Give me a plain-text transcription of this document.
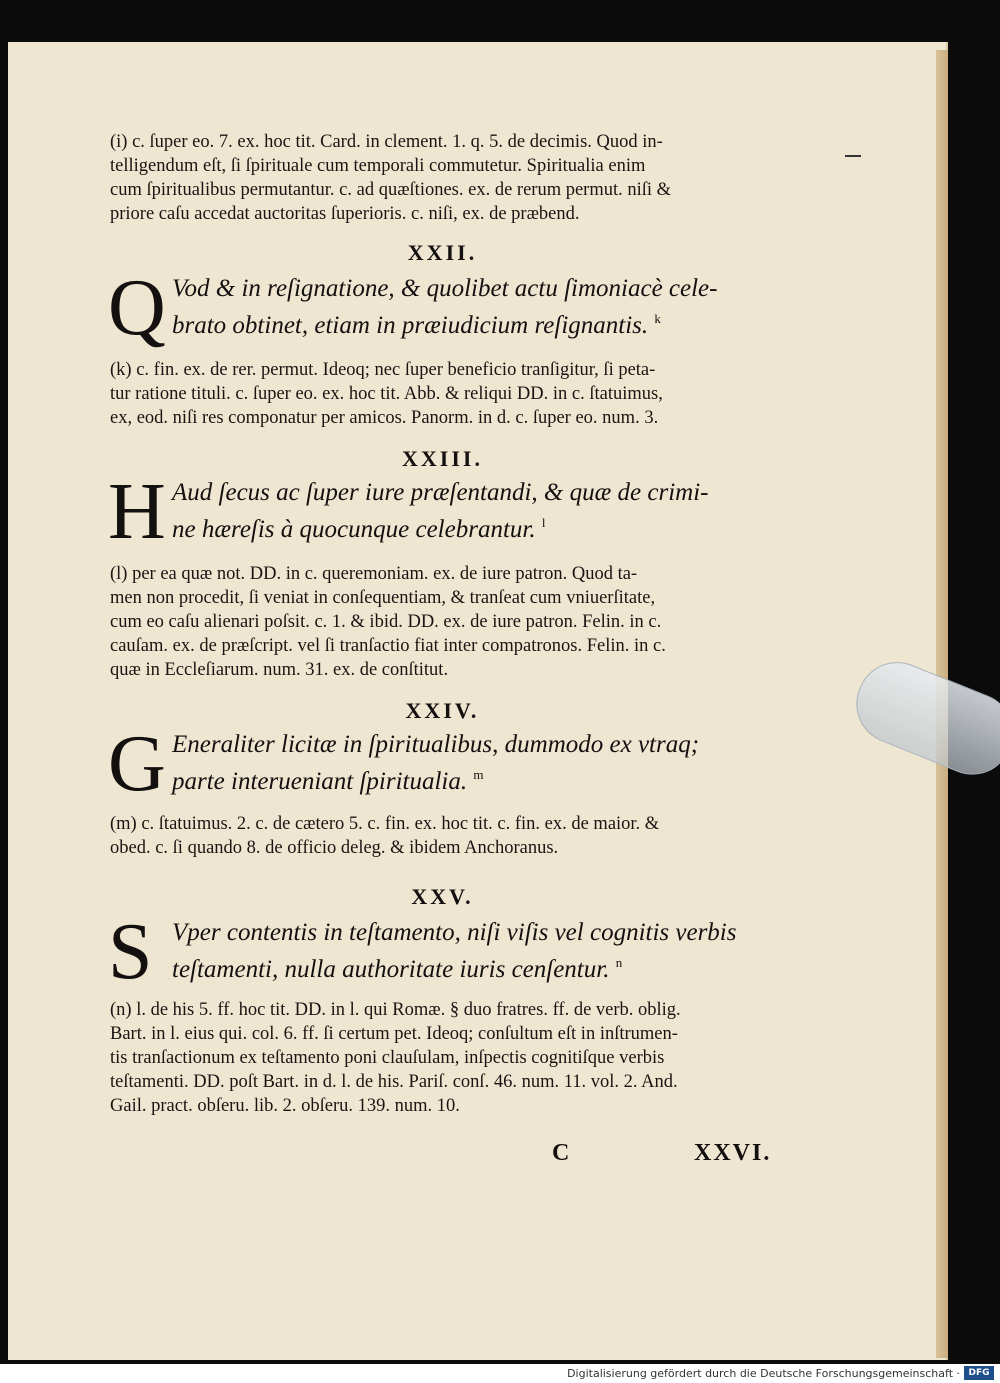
(i) c. ſuper eo. 7. ex. hoc tit. Card. in clement. 1. q. 5. de decimis. Quod in-
telligendum eſt, ſi ſpirituale cum temporali commutetur. Spiritualia enim
cum ſpiritualibus permutantur. c. ad quæſtiones. ex. de rerum permut. niſi &
priore caſu accedat auctoritas ſuperioris. c. niſi, ex. de præbend.
XXII.
Q Vod & in reſignatione, & quolibet actu ſimoniacè cele-
brato obtinet, etiam in præiudicium reſignantis. $^k$
(k) c. fin. ex. de rer. permut. Ideoq; nec ſuper beneficio tranſigitur, ſi peta-
tur ratione tituli. c. ſuper eo. ex. hoc tit. Abb. & reliqui DD. in c. ſtatuimus,
ex, eod. niſi res componatur per amicos. Panorm. in d. c. ſuper eo. num. 3.
XXIII.
H Aud ſecus ac ſuper iure præſentandi, & quæ de crimi-
ne hæreſis à quocunque celebrantur. $^l$
(l) per ea quæ not. DD. in c. queremoniam. ex. de iure patron. Quod ta-
men non procedit, ſi veniat in conſequentiam, & tranſeat cum vniuerſitate,
cum eo caſu alienari poſsit. c. 1. & ibid. DD. ex. de iure patron. Felin. in c.
cauſam. ex. de præſcript. vel ſi tranſactio fiat inter compatronos. Felin. in c.
quæ in Eccleſiarum. num. 31. ex. de conſtitut.
XXIV.
G Eneraliter licitæ in ſpiritualibus, dummodo ex vtraq;
parte interueniant ſpiritualia. $^m$
(m) c. ſtatuimus. 2. c. de cætero 5. c. fin. ex. hoc tit. c. fin. ex. de maior. &
obed. c. ſi quando 8. de officio deleg. & ibidem Anchoranus.
XXV.
S Vper contentis in teſtamento, niſi viſis vel cognitis verbis
teſtamenti, nulla authoritate iuris cenſentur. $^n$
(n) l. de his 5. ff. hoc tit. DD. in l. qui Romæ. § duo fratres. ff. de verb. oblig.
Bart. in l. eius qui. col. 6. ff. ſi certum pet. Ideoq; conſultum eſt in inſtrumen-
tis tranſactionum ex teſtamento poni clauſulam, inſpectis cognitiſque verbis
teſtamenti. DD. poſt Bart. in d. l. de his. Pariſ. conſ. 46. num. 11. vol. 2. And.
Gail. pract. obſeru. lib. 2. obſeru. 139. num. 10.
C	XXVI.
Digitalisierung gefördert durch die Deutsche Forschungsgemeinschaft · DFG
